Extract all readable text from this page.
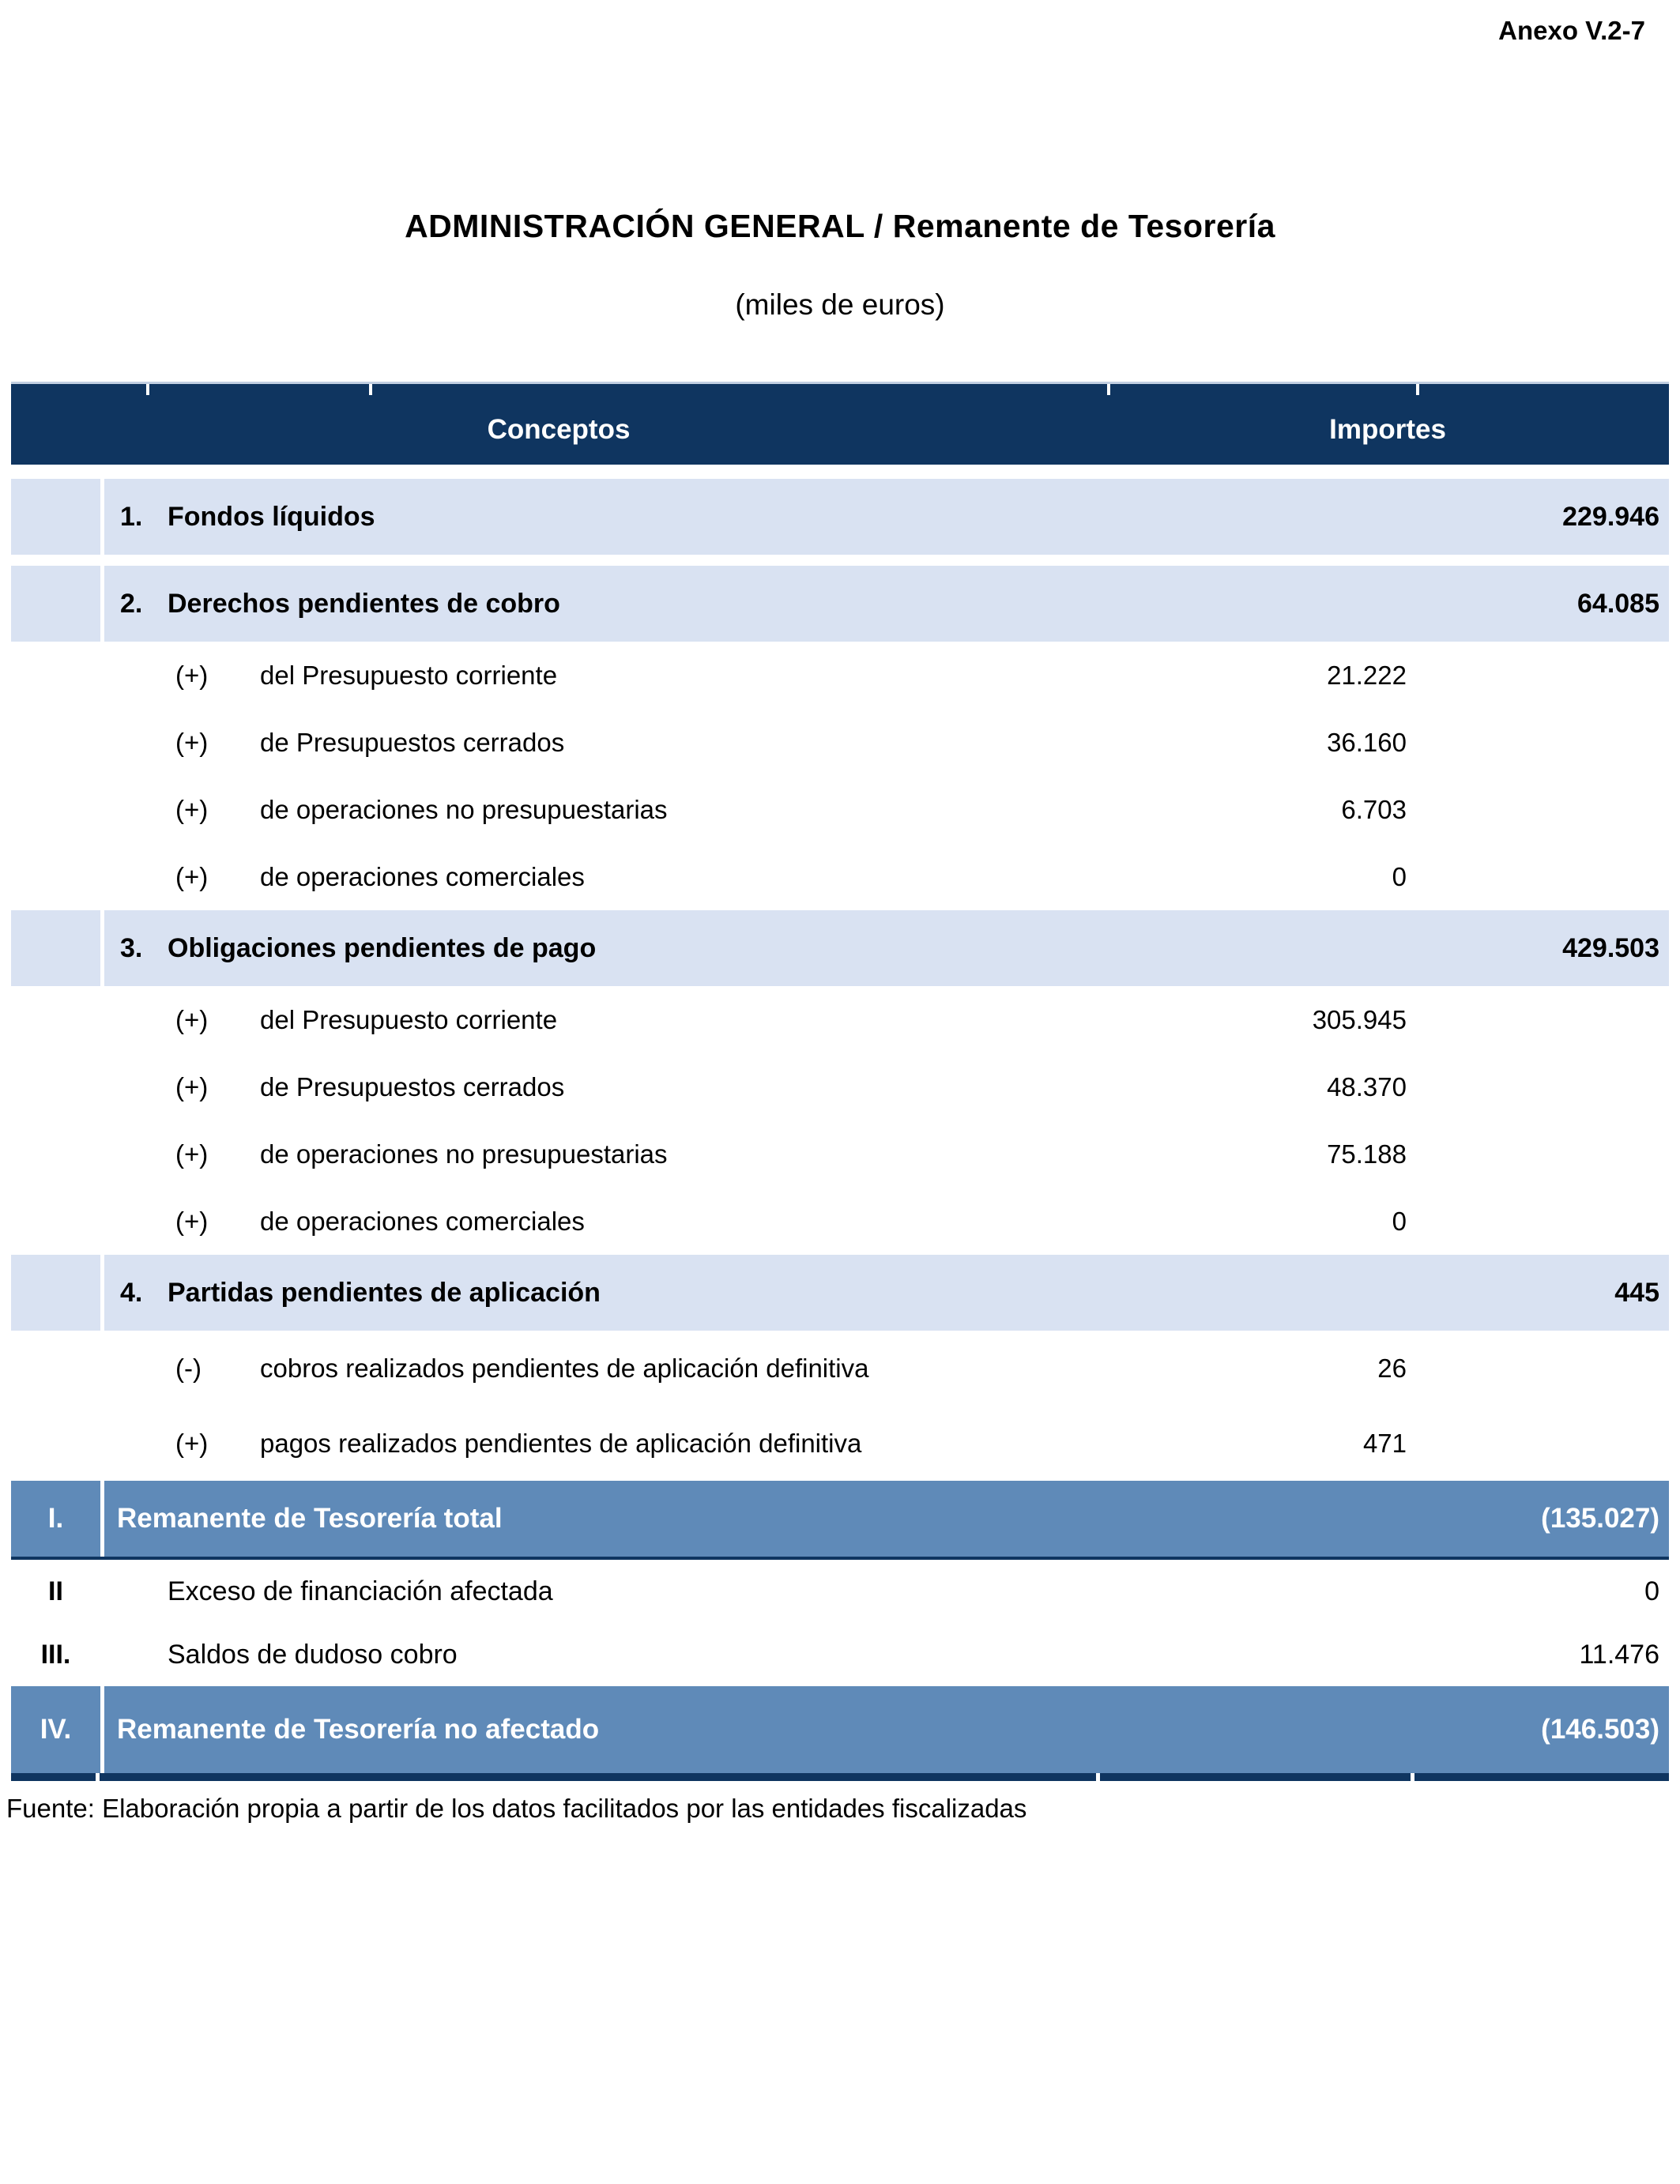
Anexo V.2-7
ADMINISTRACIÓN GENERAL / Remanente de Tesorería
(miles de euros)
Conceptos	Importes
1. Fondos líquidos	229.946
2. Derechos pendientes de cobro	64.085
(+)	del Presupuesto corriente	21.222
(+)	de Presupuestos cerrados	36.160
(+)	de operaciones no presupuestarias	6.703
(+)	de operaciones comerciales	0
3. Obligaciones pendientes de pago	429.503
(+)	del Presupuesto corriente	305.945
(+)	de Presupuestos cerrados	48.370
(+)	de operaciones no presupuestarias	75.188
(+)	de operaciones comerciales	0
4. Partidas pendientes de aplicación	445
(-)	cobros realizados pendientes de aplicación definitiva	26
(+)	pagos realizados pendientes de aplicación definitiva	471
I.	Remanente de Tesorería total	(135.027)
II	Exceso de financiación afectada	0
III.	Saldos de dudoso cobro	11.476
IV.	Remanente de Tesorería no afectado	(146.503)
Fuente: Elaboración propia a partir de los datos facilitados por las entidades fiscalizadas
